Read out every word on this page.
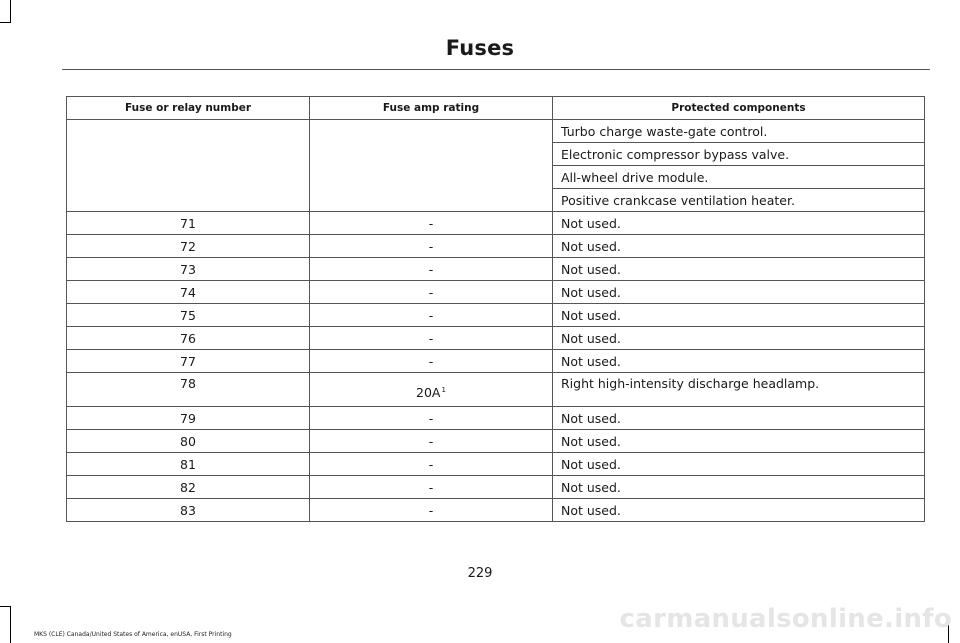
Fuses
Fuse or relay number	Fuse amp rating	Protected components
		Turbo charge waste-gate control.
		Electronic compressor bypass valve.
		All-wheel drive module.
		Positive crankcase ventilation heater.
71	-	Not used.
72	-	Not used.
73	-	Not used.
74	-	Not used.
75	-	Not used.
76	-	Not used.
77	-	Not used.
78	20A$^1$	Right high-intensity discharge headlamp.
79	-	Not used.
80	-	Not used.
81	-	Not used.
82	-	Not used.
83	-	Not used.
229
MKS (CLE) Canada/United States of America, enUSA, First Printing
carmanualsonline.info
